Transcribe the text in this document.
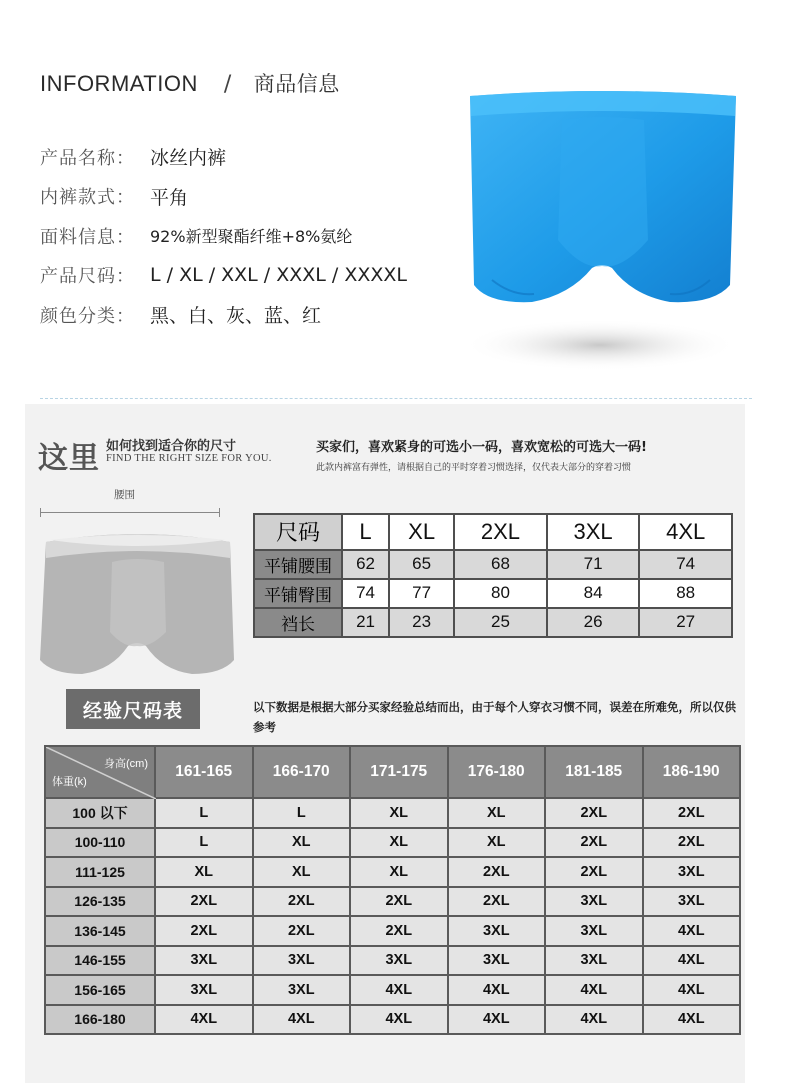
INFORMATION / 商品信息
产品名称： 冰丝内裤
内裤款式： 平角
面料信息： 92%新型聚酯纤维+8%氨纶
产品尺码： L / XL / XXL / XXXL / XXXXL
颜色分类： 黑、白、灰、蓝、红
这里 如何找到适合你的尺寸
FIND THE RIGHT SIZE FOR YOU.
买家们，喜欢紧身的可选小一码，喜欢宽松的可选大一码!
此款内裤富有弹性，请根据自己的平时穿着习惯选择，仅代表大部分的穿着习惯
腰围
尺码	L	XL	2XL	3XL	4XL
平铺腰围	62	65	68	71	74
平铺臀围	74	77	80	84	88
裆长	21	23	25	26	27
经验尺码表	以下数据是根据大部分买家经验总结而出，由于每个人穿衣习惯不同，误差在所难免，所以仅供参考
身高(cm)
体重(k)	161-165	166-170	171-175	176-180	181-185	186-190
100 以下	L	L	XL	XL	2XL	2XL
100-110	L	XL	XL	XL	2XL	2XL
111-125	XL	XL	XL	2XL	2XL	3XL
126-135	2XL	2XL	2XL	2XL	3XL	3XL
136-145	2XL	2XL	2XL	3XL	3XL	4XL
146-155	3XL	3XL	3XL	3XL	3XL	4XL
156-165	3XL	3XL	4XL	4XL	4XL	4XL
166-180	4XL	4XL	4XL	4XL	4XL	4XL
